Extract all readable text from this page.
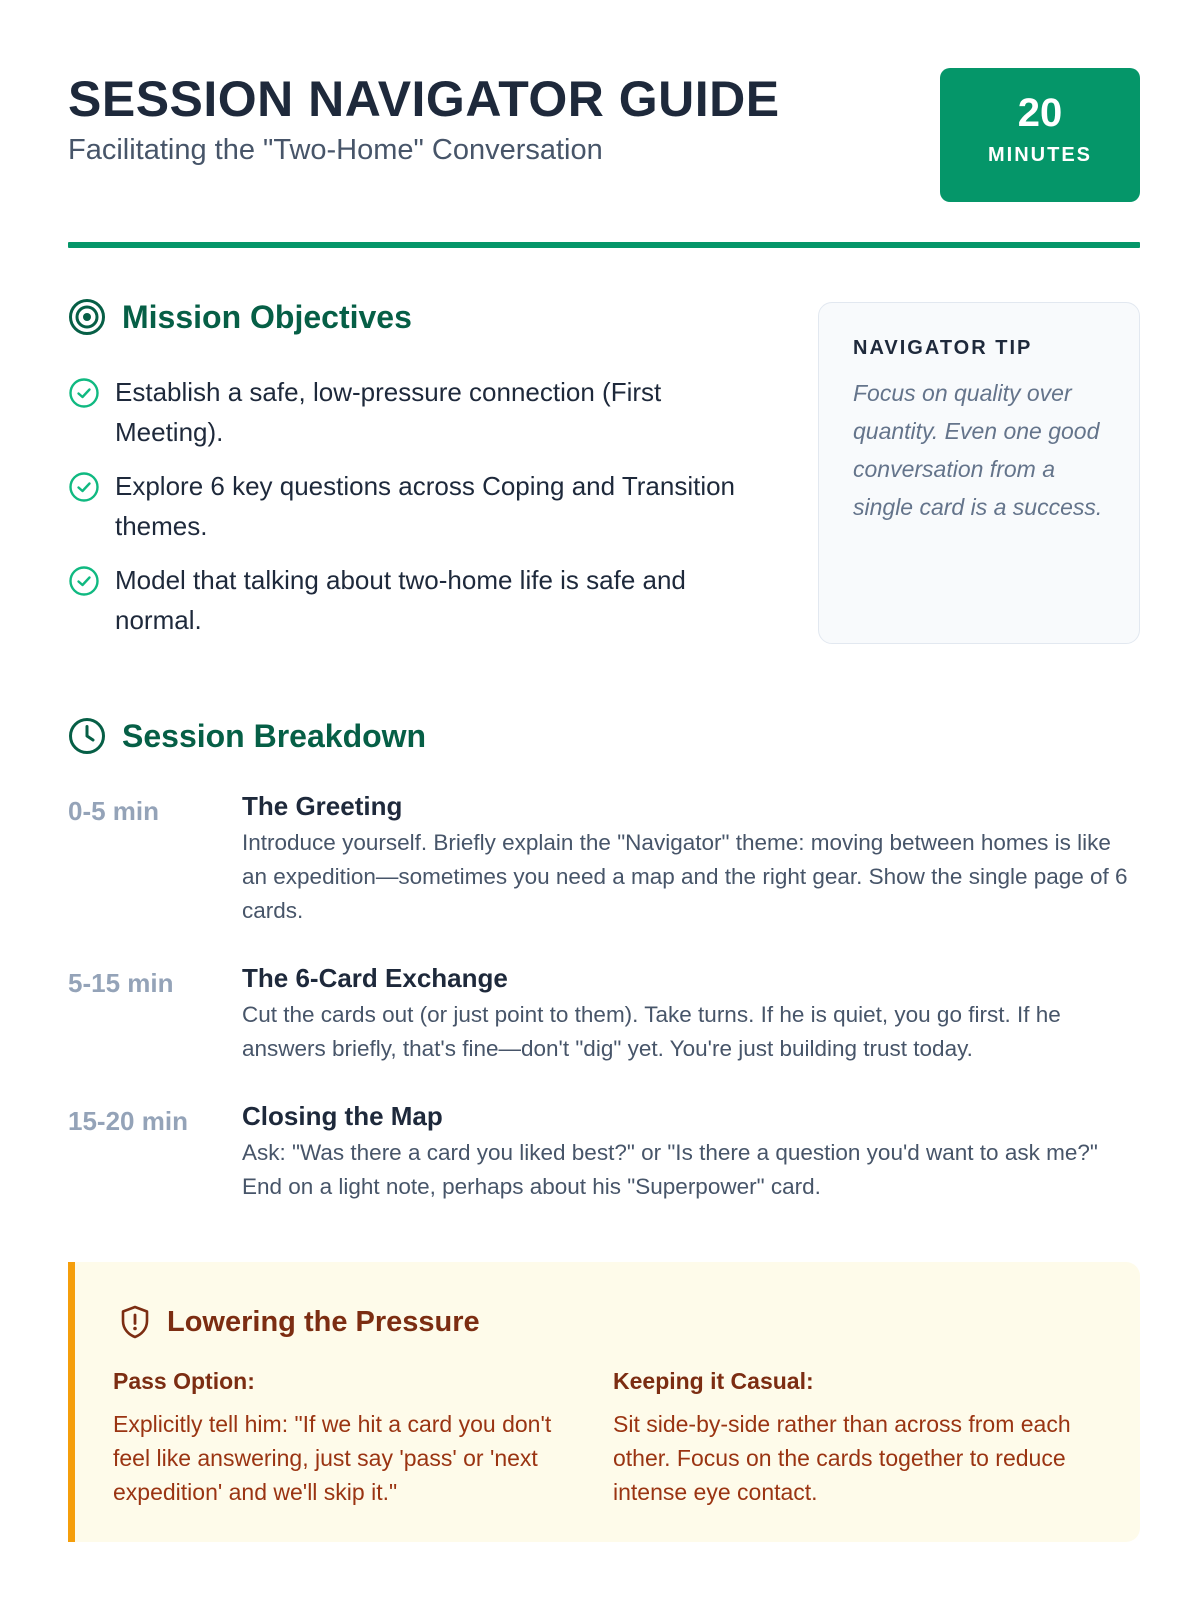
SESSION NAVIGATOR GUIDE
Facilitating the "Two-Home" Conversation
20
MINUTES
Mission Objectives
Establish a safe, low-pressure connection (First Meeting).
Explore 6 key questions across Coping and Transition themes.
Model that talking about two-home life is safe and normal.
NAVIGATOR TIP
Focus on quality over quantity. Even one good conversation from a single card is a success.
Session Breakdown
0-5 min	The Greeting
Introduce yourself. Briefly explain the "Navigator" theme: moving between homes is like an expedition—sometimes you need a map and the right gear. Show the single page of 6 cards.
5-15 min	The 6-Card Exchange
Cut the cards out (or just point to them). Take turns. If he is quiet, you go first. If he answers briefly, that's fine—don't "dig" yet. You're just building trust today.
15-20 min	Closing the Map
Ask: "Was there a card you liked best?" or "Is there a question you'd want to ask me?" End on a light note, perhaps about his "Superpower" card.
Lowering the Pressure
Pass Option:
Explicitly tell him: "If we hit a card you don't feel like answering, just say 'pass' or 'next expedition' and we'll skip it."
Keeping it Casual:
Sit side-by-side rather than across from each other. Focus on the cards together to reduce intense eye contact.
